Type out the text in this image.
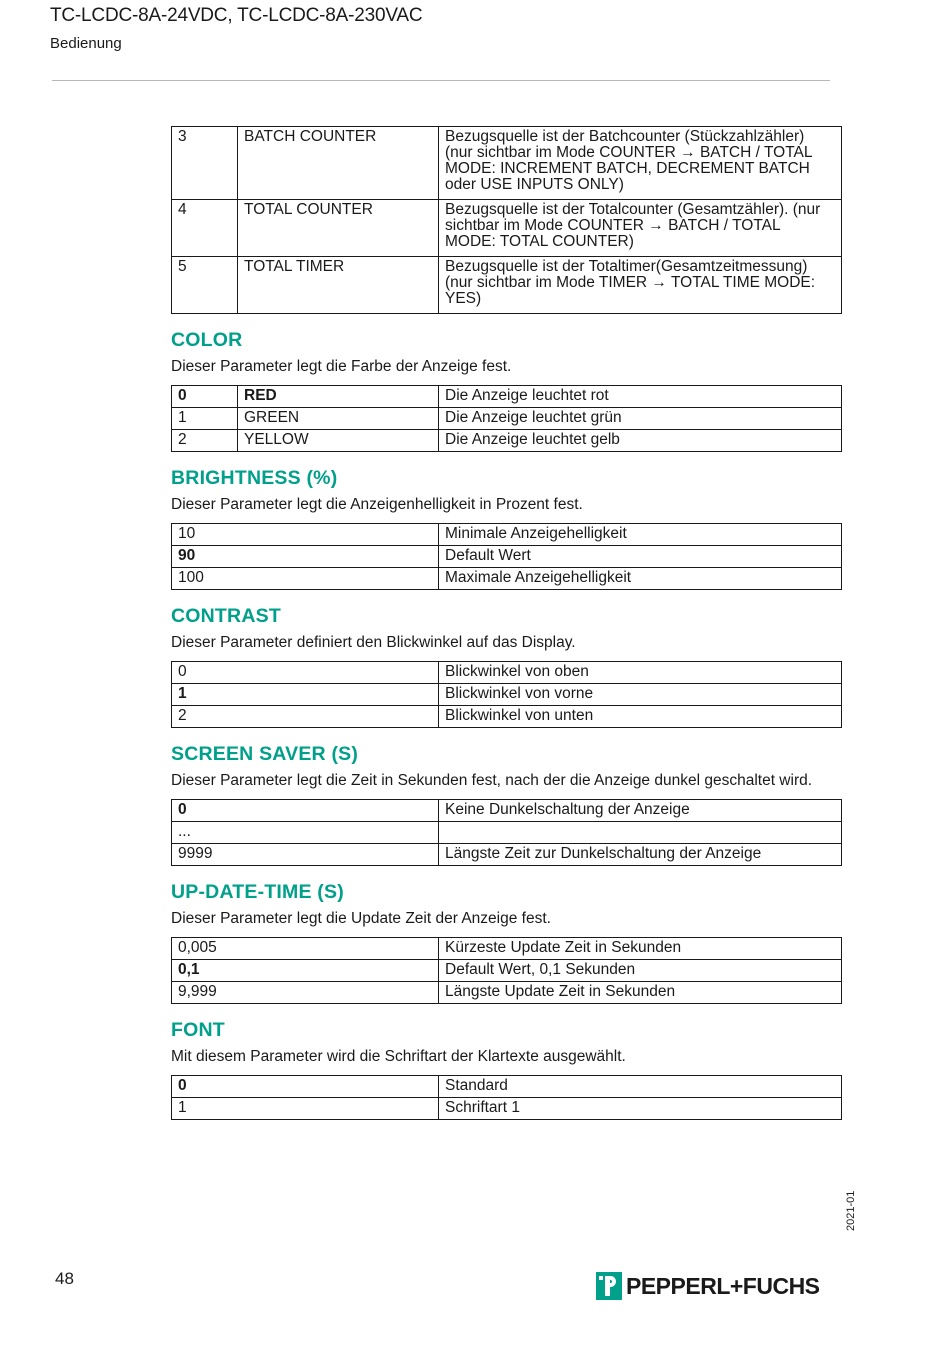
TC-LCDC-8A-24VDC, TC-LCDC-8A-230VAC
Bedienung
3	BATCH COUNTER	Bezugsquelle ist der Batchcounter (Stückzahlzähler) (nur sichtbar im Mode COUNTER → BATCH / TOTAL MODE: INCREMENT BATCH, DECREMENT BATCH oder USE INPUTS ONLY)
4	TOTAL COUNTER	Bezugsquelle ist der Totalcounter (Gesamtzähler). (nur sichtbar im Mode COUNTER → BATCH / TOTAL MODE: TOTAL COUNTER)
5	TOTAL TIMER	Bezugsquelle ist der Totaltimer(Gesamtzeitmessung) (nur sichtbar im Mode TIMER → TOTAL TIME MODE: YES)
COLOR
Dieser Parameter legt die Farbe der Anzeige fest.
0	RED	Die Anzeige leuchtet rot
1	GREEN	Die Anzeige leuchtet grün
2	YELLOW	Die Anzeige leuchtet gelb
BRIGHTNESS (%)
Dieser Parameter legt die Anzeigenhelligkeit in Prozent fest.
10	Minimale Anzeigehelligkeit
90	Default Wert
100	Maximale Anzeigehelligkeit
CONTRAST
Dieser Parameter definiert den Blickwinkel auf das Display.
0	Blickwinkel von oben
1	Blickwinkel von vorne
2	Blickwinkel von unten
SCREEN SAVER (S)
Dieser Parameter legt die Zeit in Sekunden fest, nach der die Anzeige dunkel geschaltet wird.
0	Keine Dunkelschaltung der Anzeige
...	
9999	Längste Zeit zur Dunkelschaltung der Anzeige
UP-DATE-TIME (S)
Dieser Parameter legt die Update Zeit der Anzeige fest.
0,005	Kürzeste Update Zeit in Sekunden
0,1	Default Wert, 0,1 Sekunden
9,999	Längste Update Zeit in Sekunden
FONT
Mit diesem Parameter wird die Schriftart der Klartexte ausgewählt.
0	Standard
1	Schriftart 1
2021-01
48	PEPPERL+FUCHS
